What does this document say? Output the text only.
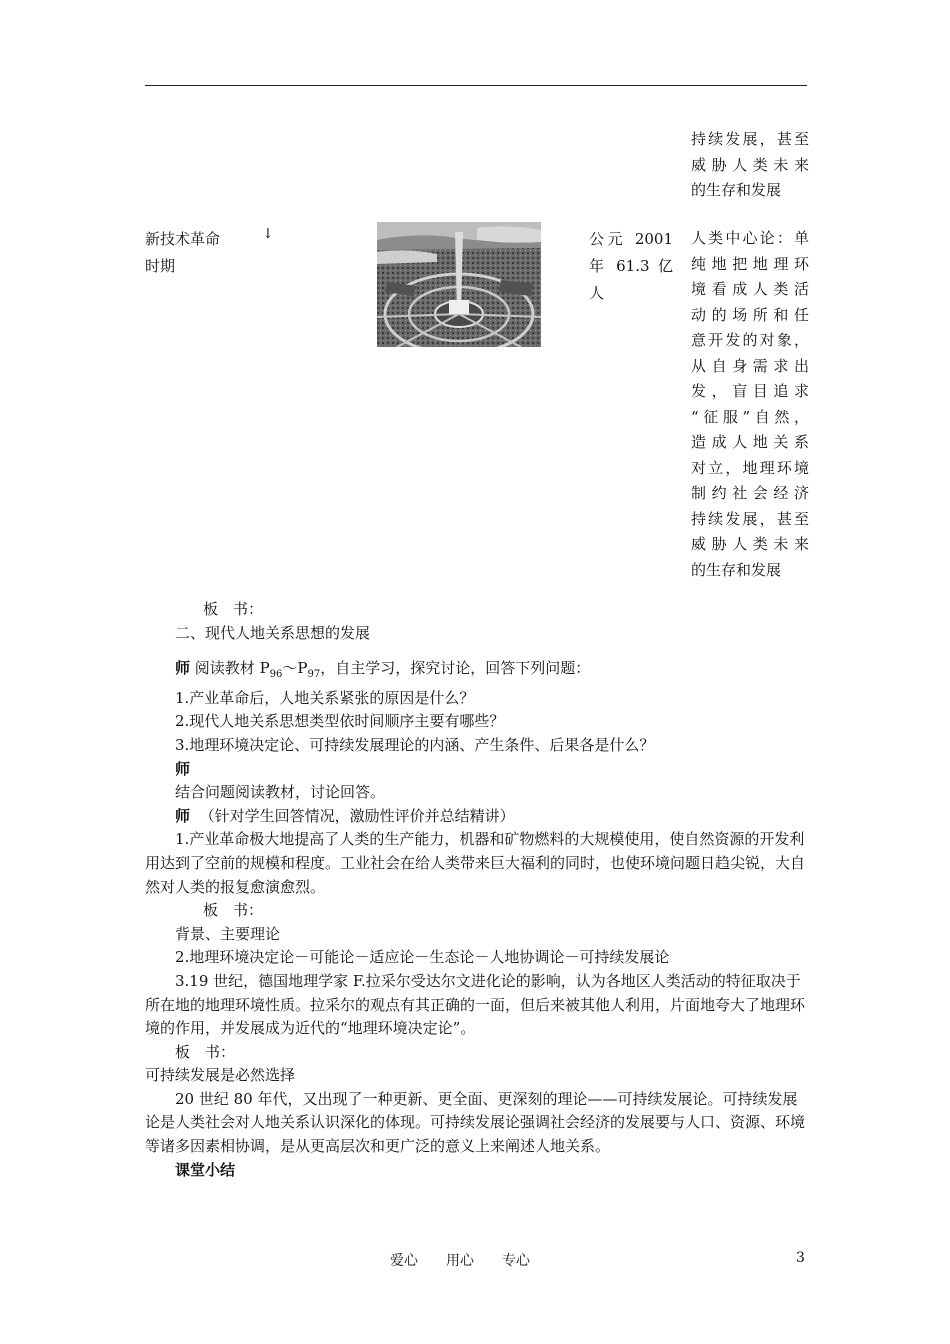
持续发展，甚至
威胁人类未来
的生存和发展
新技术革命
时期
↓	公元 2001
年 61.3 亿
人
人类中心论：单
纯地把地理环
境看成人类活
动的场所和任
意开发的对象，
从自身需求出
发，盲目追求
“征服”自然，
造成人地关系
对立，地理环境
制约社会经济
持续发展，甚至
威胁人类未来
的生存和发展

板　书：

二、现代人地关系思想的发展

师 阅读教材 $P_{96}\sim P_{97}$，自主学习，探究讨论，回答下列问题：

1.产业革命后，人地关系紧张的原因是什么？

2.现代人地关系思想类型依时间顺序主要有哪些？

3.地理环境决定论、可持续发展理论的内涵、产生条件、后果各是什么？

师

结合问题阅读教材，讨论回答。

师 （针对学生回答情况，激励性评价并总结精讲）

1.产业革命极大地提高了人类的生产能力，机器和矿物燃料的大规模使用，使自然资源的开发利用达到了空前的规模和程度。工业社会在给人类带来巨大福利的同时，也使环境问题日趋尖锐，大自然对人类的报复愈演愈烈。

板　书：

背景、主要理论

2.地理环境决定论－可能论－适应论－生态论－人地协调论－可持续发展论

3.19 世纪，德国地理学家 F.拉采尔受达尔文进化论的影响，认为各地区人类活动的特征取决于所在地的地理环境性质。拉采尔的观点有其正确的一面，但后来被其他人利用，片面地夸大了地理环境的作用，并发展成为近代的“地理环境决定论”。

板　书：

可持续发展是必然选择

20 世纪 80 年代，又出现了一种更新、更全面、更深刻的理论——可持续发展论。可持续发展论是人类社会对人地关系认识深化的体现。可持续发展论强调社会经济的发展要与人口、资源、环境等诸多因素相协调，是从更高层次和更广泛的意义上来阐述人地关系。

课堂小结

爱心　　用心　　专心	3
